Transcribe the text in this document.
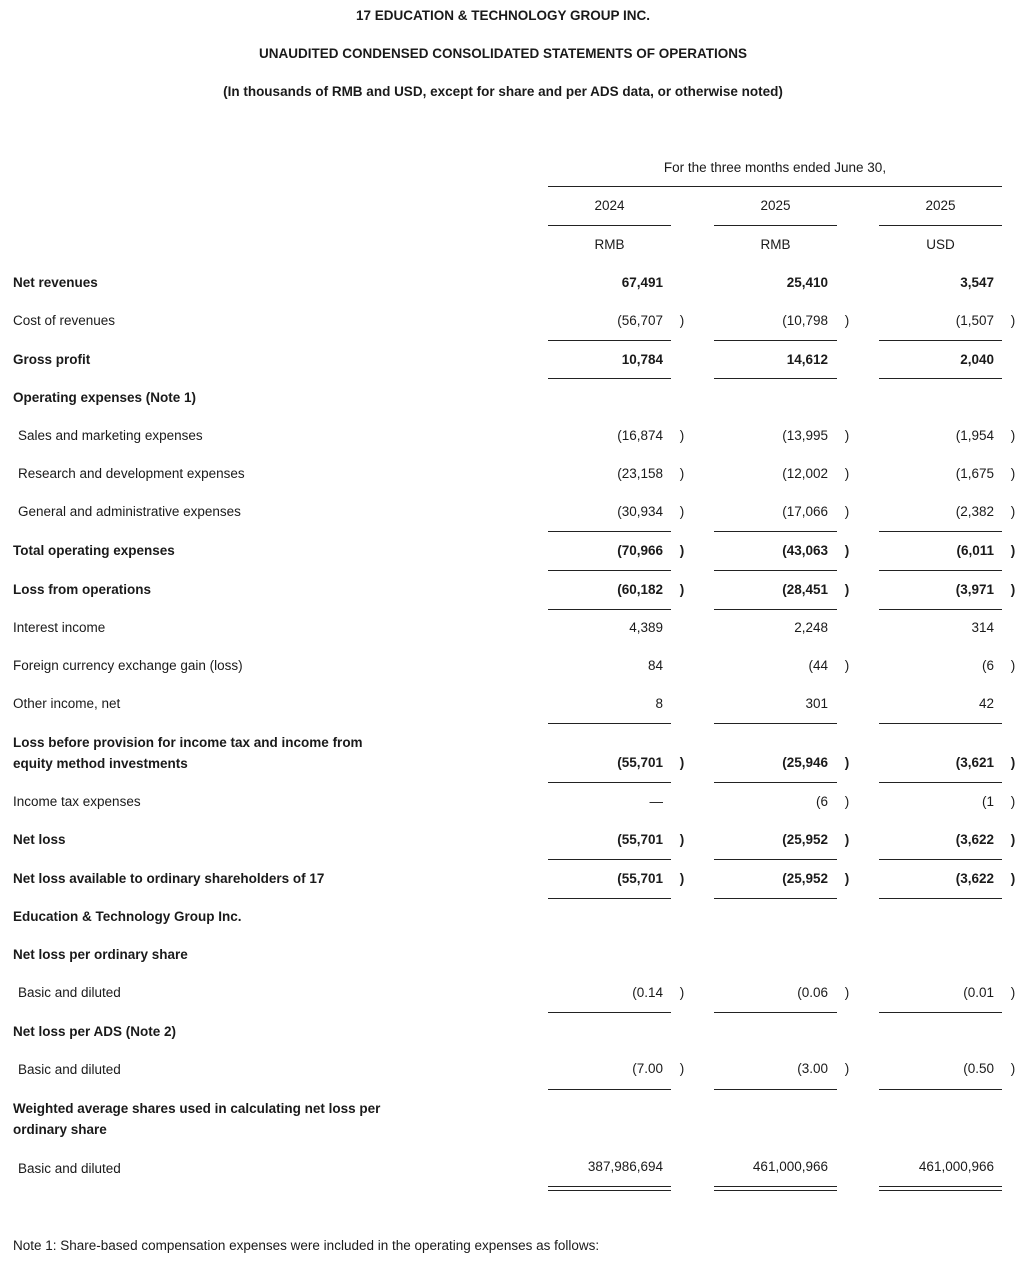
17 EDUCATION & TECHNOLOGY GROUP INC.
UNAUDITED CONDENSED CONSOLIDATED STATEMENTS OF OPERATIONS
(In thousands of RMB and USD, except for share and per ADS data, or otherwise noted)
For the three months ended June 30,
2024	2025	2025
RMB	RMB	USD
Net revenues	67,491	25,410	3,547
Cost of revenues	(56,707 )	(10,798 )	(1,507 )
Gross profit	10,784	14,612	2,040
Operating expenses (Note 1)
Sales and marketing expenses	(16,874 )	(13,995 )	(1,954 )
Research and development expenses	(23,158 )	(12,002 )	(1,675 )
General and administrative expenses	(30,934 )	(17,066 )	(2,382 )
Total operating expenses	(70,966 )	(43,063 )	(6,011 )
Loss from operations	(60,182 )	(28,451 )	(3,971 )
Interest income	4,389	2,248	314
Foreign currency exchange gain (loss)	84	(44 )	(6 )
Other income, net	8	301	42
Loss before provision for income tax and income from equity method investments	(55,701 )	(25,946 )	(3,621 )
Income tax expenses	—	(6 )	(1 )
Net loss	(55,701 )	(25,952 )	(3,622 )
Net loss available to ordinary shareholders of 17	(55,701 )	(25,952 )	(3,622 )
Education & Technology Group Inc.
Net loss per ordinary share
Basic and diluted	(0.14 )	(0.06 )	(0.01 )
Net loss per ADS (Note 2)
Basic and diluted	(7.00 )	(3.00 )	(0.50 )
Weighted average shares used in calculating net loss per ordinary share
Basic and diluted	387,986,694	461,000,966	461,000,966
Note 1: Share-based compensation expenses were included in the operating expenses as follows:
